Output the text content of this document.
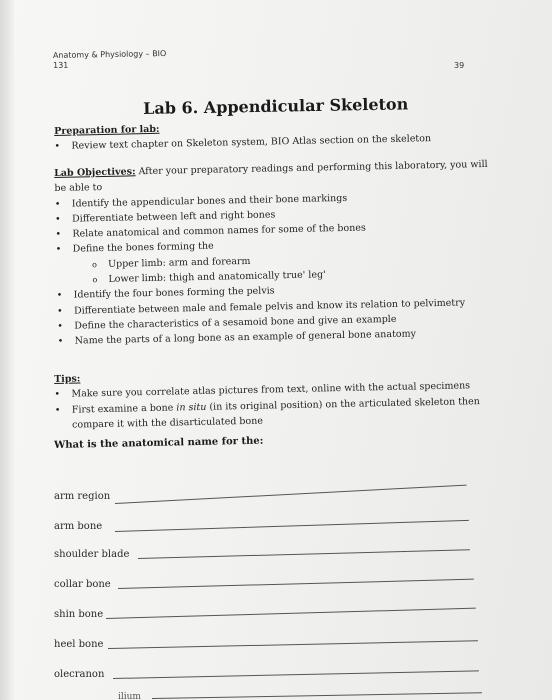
Anatomy & Physiology – BIO
131	39
Lab 6. Appendicular Skeleton
Preparation for lab:
• Review text chapter on Skeleton system, BIO Atlas section on the skeleton
Lab Objectives: After your preparatory readings and performing this laboratory, you will
be able to
• Identify the appendicular bones and their bone markings
• Differentiate between left and right bones
• Relate anatomical and common names for some of the bones
• Define the bones forming the
o Upper limb: arm and forearm
o Lower limb: thigh and anatomically true' leg'
• Identify the four bones forming the pelvis
• Differentiate between male and female pelvis and know its relation to pelvimetry
• Define the characteristics of a sesamoid bone and give an example
• Name the parts of a long bone as an example of general bone anatomy
Tips:
• Make sure you correlate atlas pictures from text, online with the actual specimens
• First examine a bone in situ (in its original position) on the articulated skeleton then
compare it with the disarticulated bone
What is the anatomical name for the:
arm region
arm bone
shoulder blade
collar bone
shin bone
heel bone
olecranon
ilium
